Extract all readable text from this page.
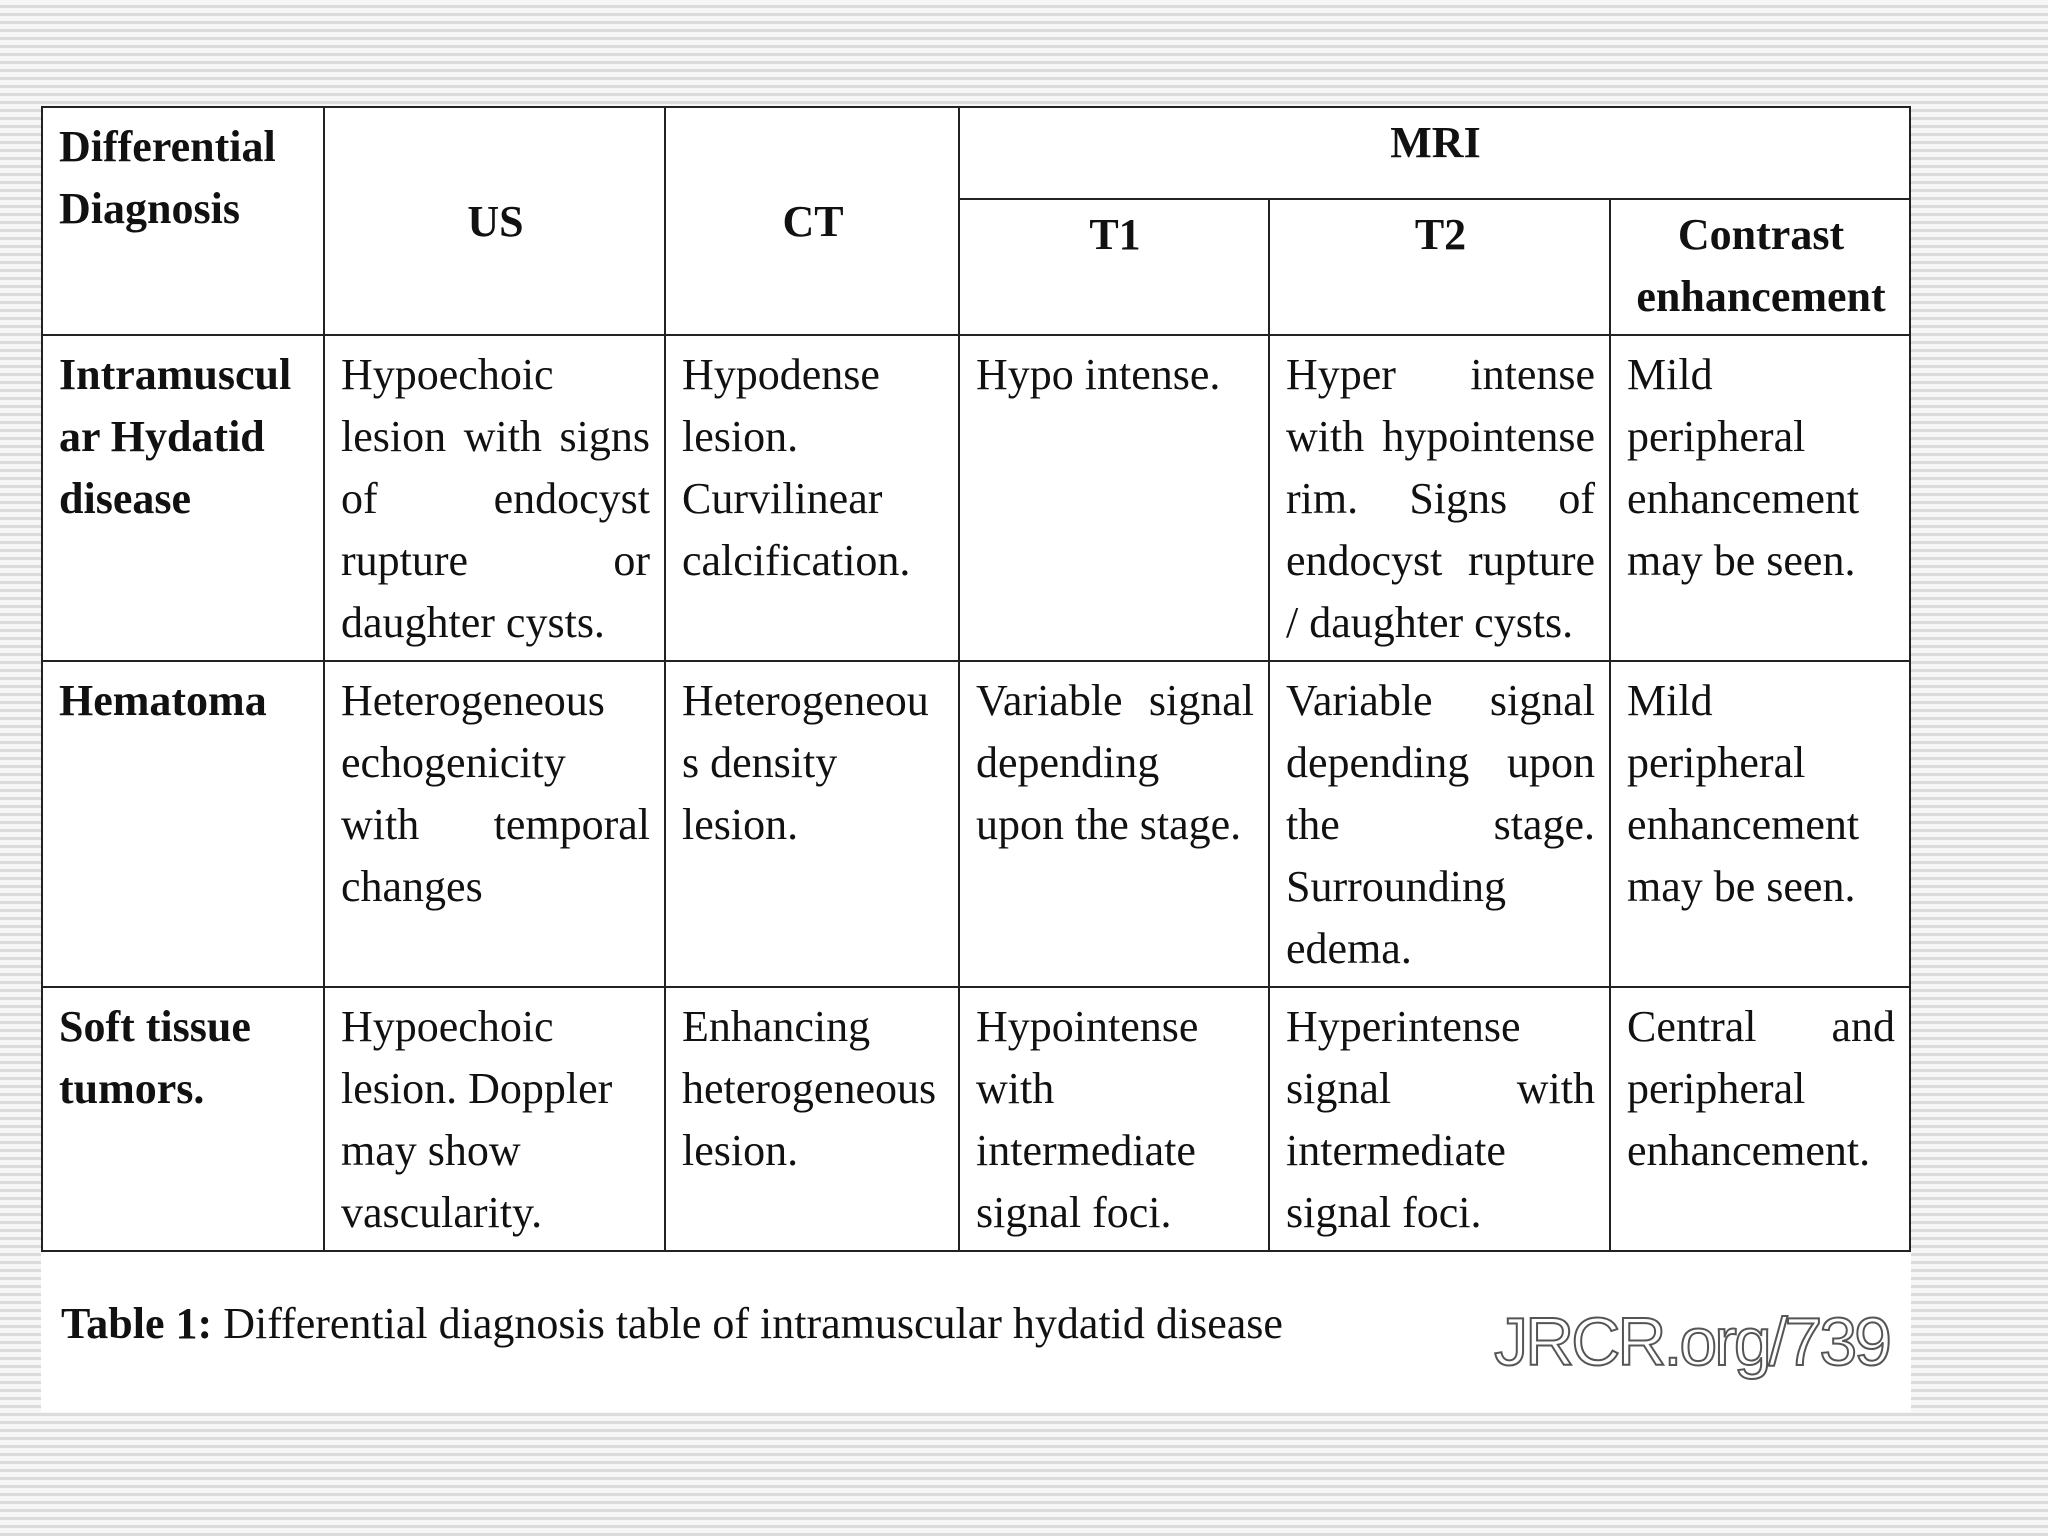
Differential Diagnosis	US	CT	MRI		
			T1	T2	Contrast enhancement
Intramuscular Hydatid disease	Hypoechoic lesion with signs of endocyst rupture or daughter cysts.	Hypodense lesion. Curvilinear calcification.	Hypo intense.	Hyper intense with hypointense rim. Signs of endocyst rupture / daughter cysts.	Mild peripheral enhancement may be seen.
Hematoma	Heterogeneous echogenicity with temporal changes	Heterogeneous density lesion.	Variable signal depending upon the stage.	Variable signal depending upon the stage. Surrounding edema.	Mild peripheral enhancement may be seen.
Soft tissue tumors.	Hypoechoic lesion. Doppler may show vascularity.	Enhancing heterogeneous lesion.	Hypointense with intermediate signal foci.	Hyperintense signal with intermediate signal foci.	Central and peripheral enhancement.
Table 1: Differential diagnosis table of intramuscular hydatid disease	JRCR.org/739
